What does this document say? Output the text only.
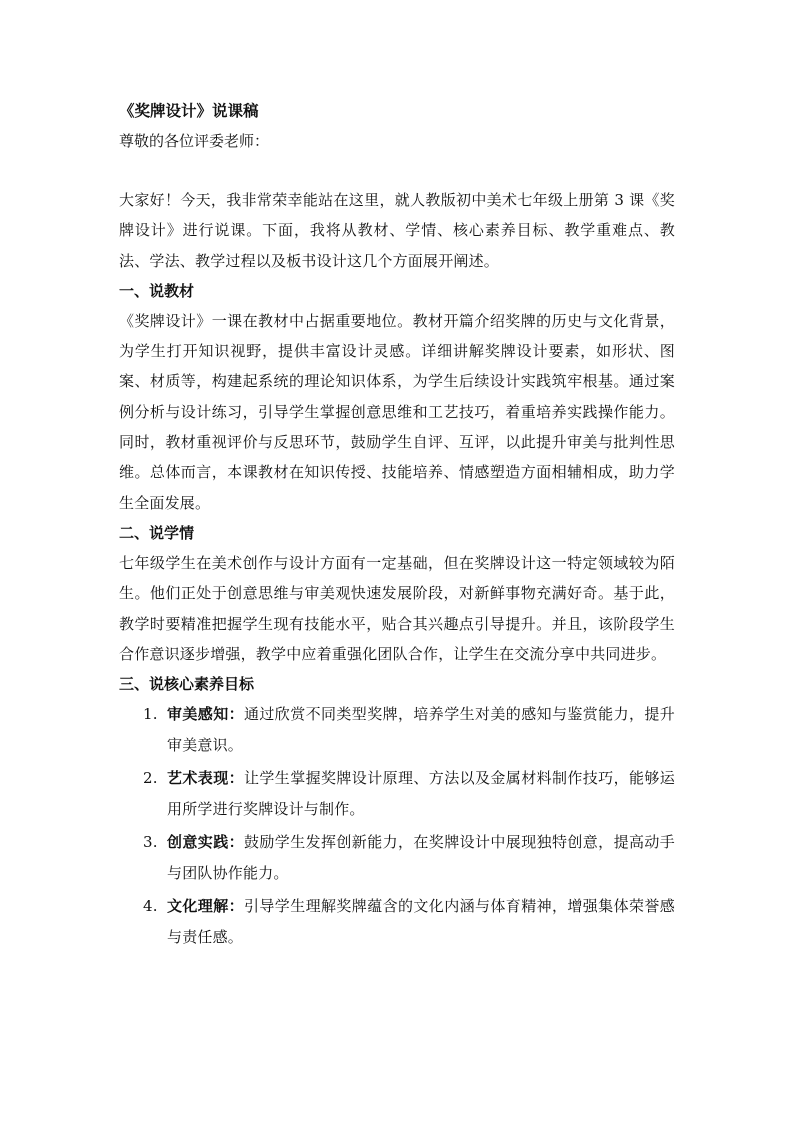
《奖牌设计》说课稿
尊敬的各位评委老师：
大家好！今天，我非常荣幸能站在这里，就人教版初中美术七年级上册第 3 课《奖牌设计》进行说课。下面，我将从教材、学情、核心素养目标、教学重难点、教法、学法、教学过程以及板书设计这几个方面展开阐述。
一、说教材
《奖牌设计》一课在教材中占据重要地位。教材开篇介绍奖牌的历史与文化背景，为学生打开知识视野，提供丰富设计灵感。详细讲解奖牌设计要素，如形状、图案、材质等，构建起系统的理论知识体系，为学生后续设计实践筑牢根基。通过案例分析与设计练习，引导学生掌握创意思维和工艺技巧，着重培养实践操作能力。同时，教材重视评价与反思环节，鼓励学生自评、互评，以此提升审美与批判性思维。总体而言，本课教材在知识传授、技能培养、情感塑造方面相辅相成，助力学生全面发展。
二、说学情
七年级学生在美术创作与设计方面有一定基础，但在奖牌设计这一特定领域较为陌生。他们正处于创意思维与审美观快速发展阶段，对新鲜事物充满好奇。基于此，教学时要精准把握学生现有技能水平，贴合其兴趣点引导提升。并且，该阶段学生合作意识逐步增强，教学中应着重强化团队合作，让学生在交流分享中共同进步。
三、说核心素养目标
1. 审美感知：通过欣赏不同类型奖牌，培养学生对美的感知与鉴赏能力，提升审美意识。
2. 艺术表现：让学生掌握奖牌设计原理、方法以及金属材料制作技巧，能够运用所学进行奖牌设计与制作。
3. 创意实践：鼓励学生发挥创新能力，在奖牌设计中展现独特创意，提高动手与团队协作能力。
4. 文化理解：引导学生理解奖牌蕴含的文化内涵与体育精神，增强集体荣誉感与责任感。
